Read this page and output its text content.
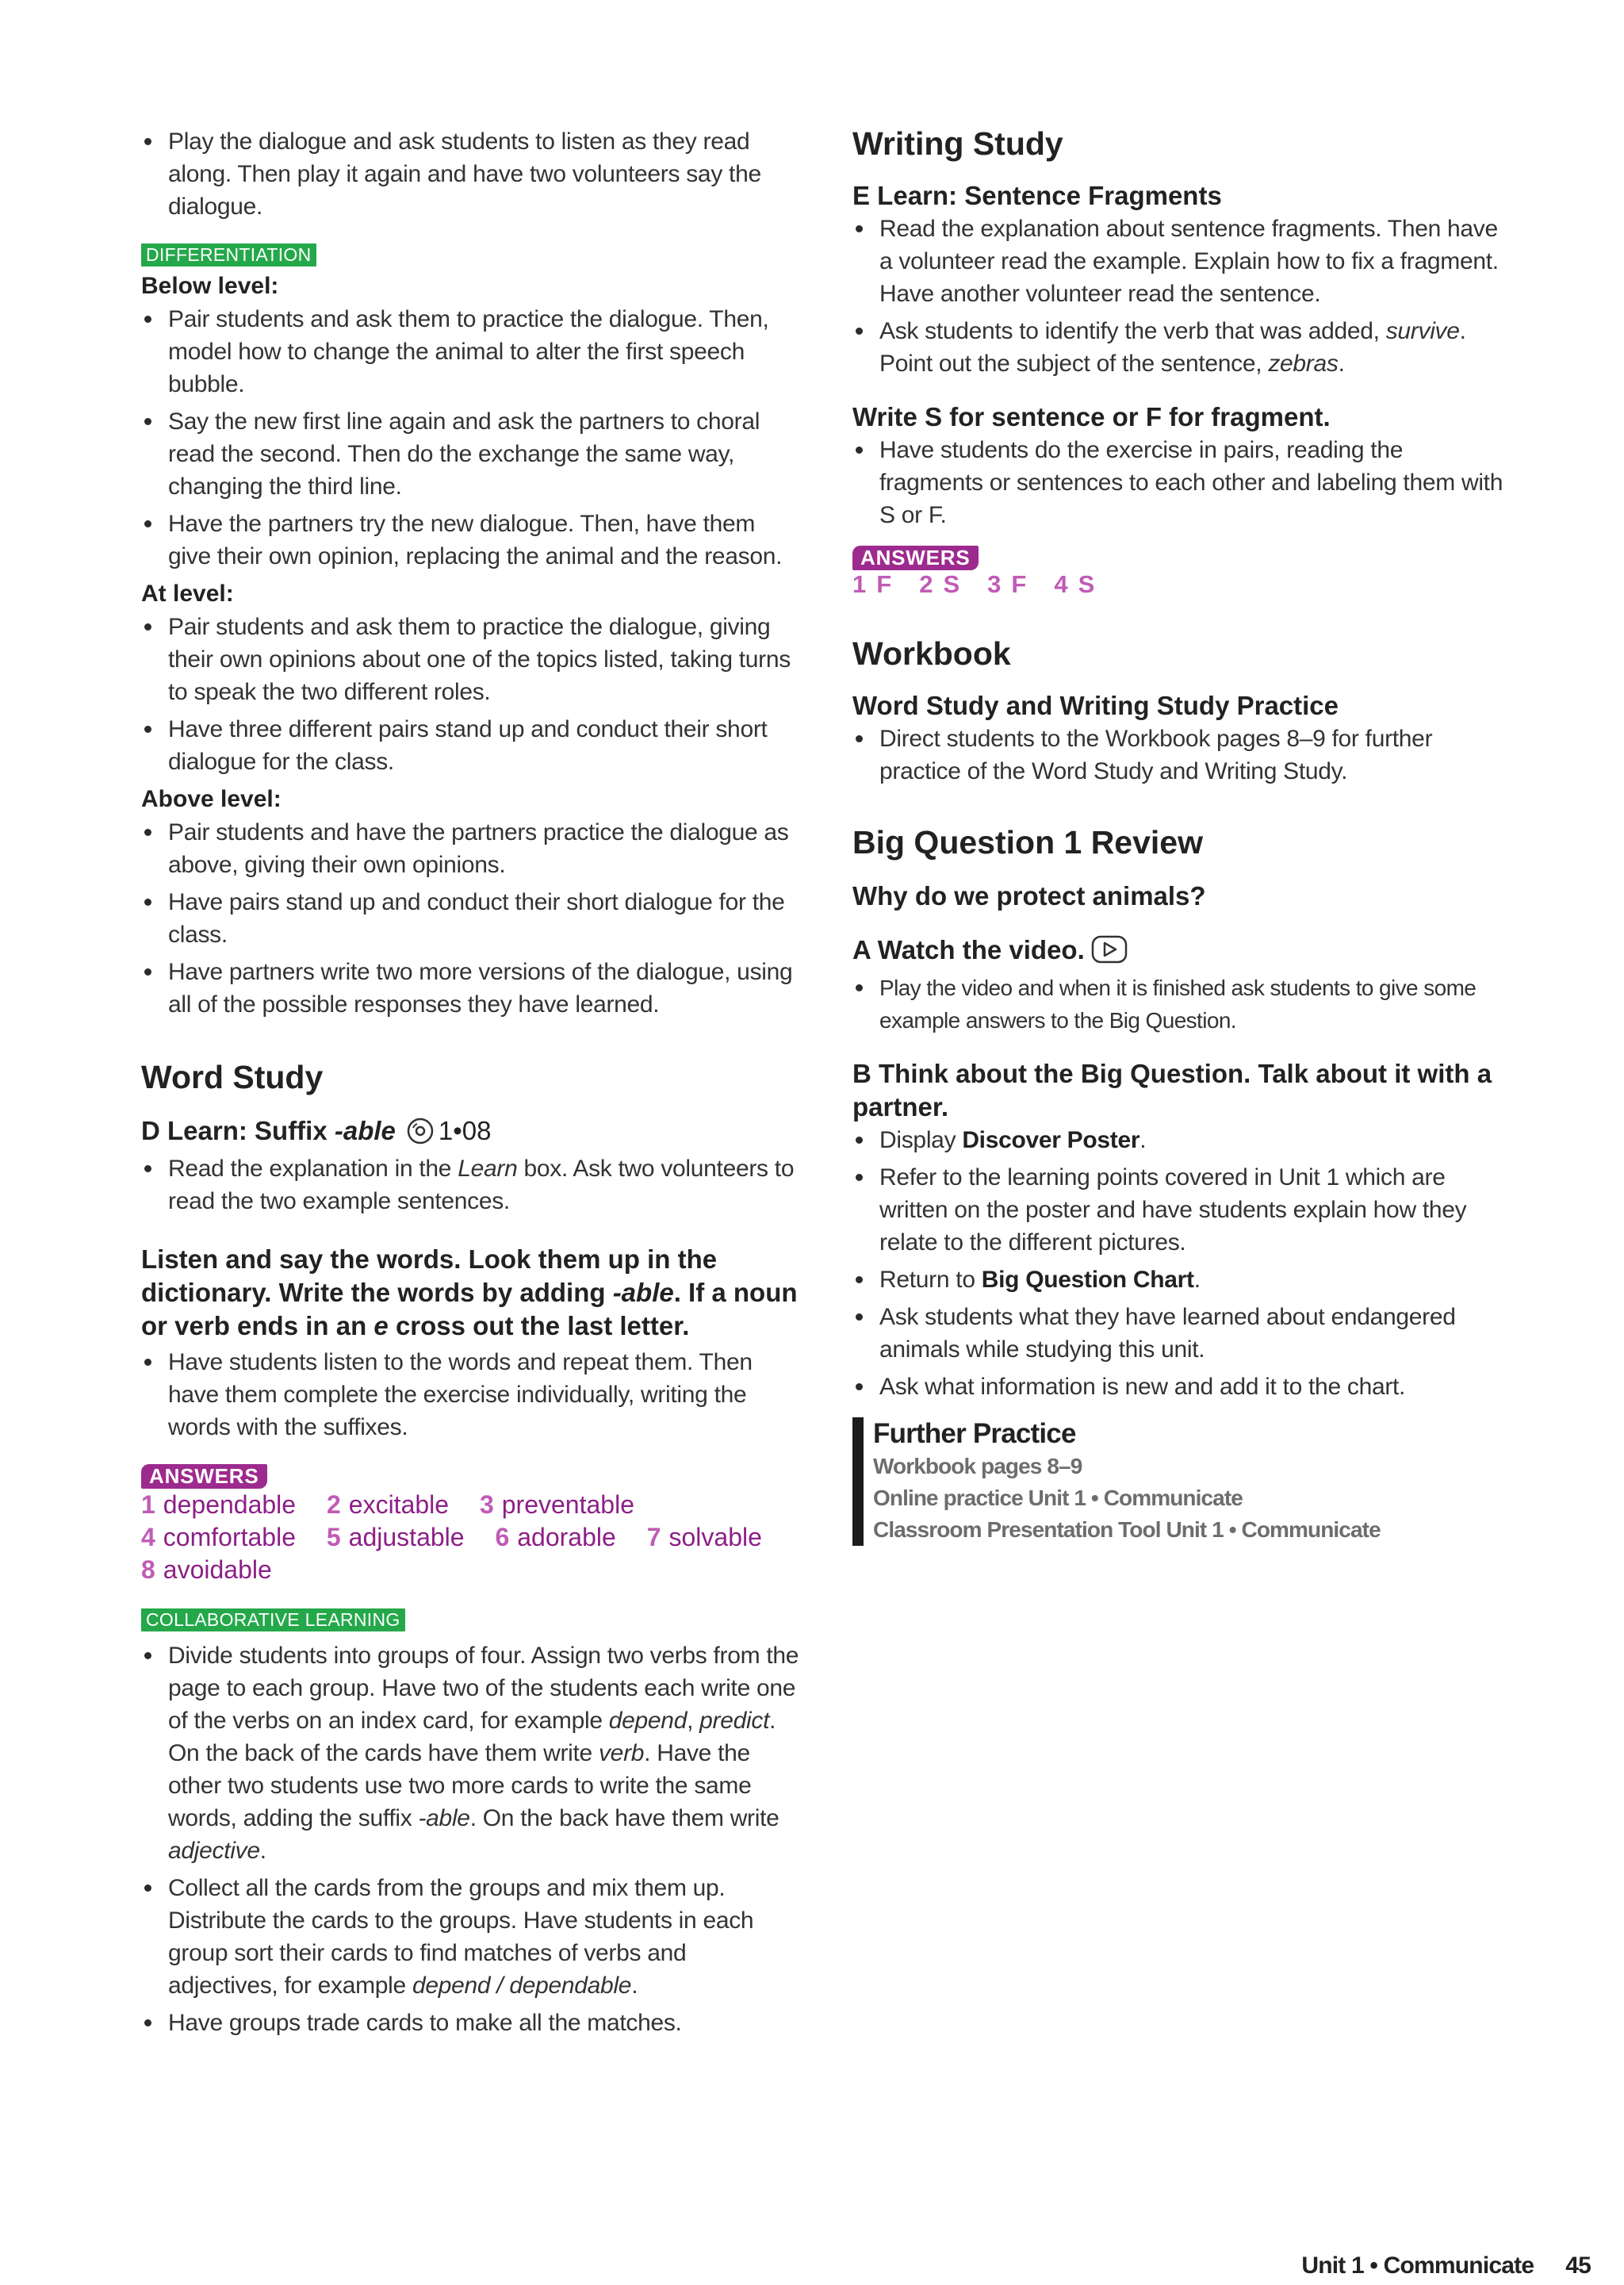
Play the dialogue and ask students to listen as they read along. Then play it again and have two volunteers say the dialogue.
DIFFERENTIATION

Below level:

Pair students and ask them to practice the dialogue. Then, model how to change the animal to alter the first speech bubble.
Say the new first line again and ask the partners to choral read the second. Then do the exchange the same way, changing the third line.
Have the partners try the new dialogue. Then, have them give their own opinion, replacing the animal and the reason.

At level:

Pair students and ask them to practice the dialogue, giving their own opinions about one of the topics listed, taking turns to speak the two different roles.
Have three different pairs stand up and conduct their short dialogue for the class.

Above level:

Pair students and have the partners practice the dialogue as above, giving their own opinions.
Have pairs stand up and conduct their short dialogue for the class.
Have partners write two more versions of the dialogue, using all of the possible responses they have learned.

Word Study

D Learn: Suffix -able 1•08

Read the explanation in the Learn box. Ask two volunteers to read the two example sentences.

Listen and say the words. Look them up in the dictionary. Write the words by adding -able. If a noun or verb ends in an e cross out the last letter.

Have students listen to the words and repeat them. Then have them complete the exercise individually, writing the words with the suffixes.
ANSWERS

1 dependable 2 excitable 3 preventable

4 comfortable 5 adjustable 6 adorable 7 solvable

8 avoidable

COLLABORATIVE LEARNING
Divide students into groups of four. Assign two verbs from the page to each group. Have two of the students each write one of the verbs on an index card, for example depend, predict. On the back of the cards have them write verb. Have the other two students use two more cards to write the same words, adding the suffix -able. On the back have them write adjective.
Collect all the cards from the groups and mix them up. Distribute the cards to the groups. Have students in each group sort their cards to find matches of verbs and adjectives, for example depend / dependable.
Have groups trade cards to make all the matches.

Writing Study

E Learn: Sentence Fragments

Read the explanation about sentence fragments. Then have a volunteer read the example. Explain how to fix a fragment. Have another volunteer read the sentence.
Ask students to identify the verb that was added, survive. Point out the subject of the sentence, zebras.

Write S for sentence or F for fragment.

Have students do the exercise in pairs, reading the fragments or sentences to each other and labeling them with S or F.
ANSWERS

1 F 2 S 3 F 4 S

Workbook

Word Study and Writing Study Practice

Direct students to the Workbook pages 8–9 for further practice of the Word Study and Writing Study.

Big Question 1 Review

Why do we protect animals?

A Watch the video.

Play the video and when it is finished ask students to give some example answers to the Big Question.

B Think about the Big Question. Talk about it with a partner.

Display Discover Poster.
Refer to the learning points covered in Unit 1 which are written on the poster and have students explain how they relate to the different pictures.
Return to Big Question Chart.
Ask students what they have learned about endangered animals while studying this unit.
Ask what information is new and add it to the chart.
Further Practice
Workbook pages 8–9
Online practice Unit 1 • Communicate
Classroom Presentation Tool Unit 1 • Communicate
Unit 1 • Communicate 45
